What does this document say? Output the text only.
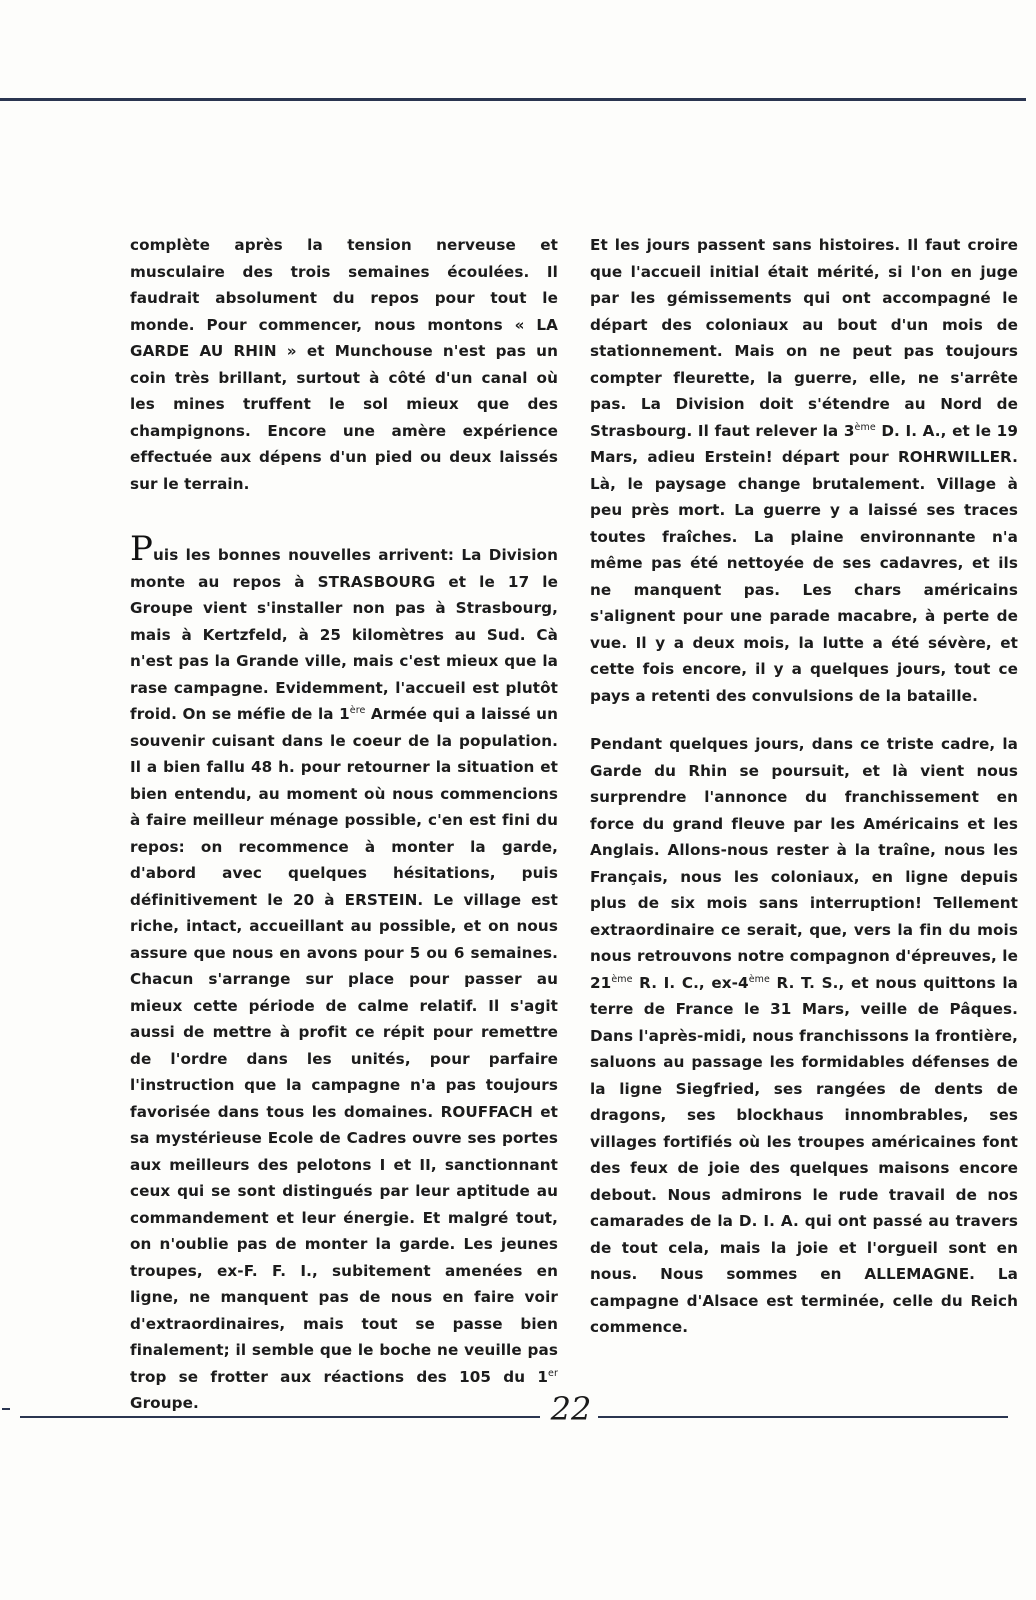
complète après la tension nerveuse et musculaire des trois semaines écoulées. Il faudrait absolument du repos pour tout le monde. Pour commencer, nous montons « LA GARDE AU RHIN » et Munchouse n'est pas un coin très brillant, surtout à côté d'un canal où les mines truffent le sol mieux que des champignons. Encore une amère expérience effectuée aux dépens d'un pied ou deux laissés sur le terrain.

Puis les bonnes nouvelles arrivent: La Division monte au repos à STRASBOURG et le 17 le Groupe vient s'installer non pas à Strasbourg, mais à Kertzfeld, à 25 kilomètres au Sud. Cà n'est pas la Grande ville, mais c'est mieux que la rase campagne. Evidemment, l'accueil est plutôt froid. On se méfie de la 1ère Armée qui a laissé un souvenir cuisant dans le coeur de la population. Il a bien fallu 48 h. pour retourner la situation et bien entendu, au moment où nous commencions à faire meilleur ménage possible, c'en est fini du repos: on recommence à monter la garde, d'abord avec quelques hésitations, puis définitivement le 20 à ERSTEIN. Le village est riche, intact, accueillant au possible, et on nous assure que nous en avons pour 5 ou 6 semaines. Chacun s'arrange sur place pour passer au mieux cette période de calme relatif. Il s'agit aussi de mettre à profit ce répit pour remettre de l'ordre dans les unités, pour parfaire l'instruction que la campagne n'a pas toujours favorisée dans tous les domaines. ROUFFACH et sa mystérieuse Ecole de Cadres ouvre ses portes aux meilleurs des pelotons I et II, sanctionnant ceux qui se sont distingués par leur aptitude au commandement et leur énergie. Et malgré tout, on n'oublie pas de monter la garde. Les jeunes troupes, ex-F. F. I., subitement amenées en ligne, ne manquent pas de nous en faire voir d'extraordinaires, mais tout se passe bien finalement; il semble que le boche ne veuille pas trop se frotter aux réactions des 105 du 1er Groupe.

Et les jours passent sans histoires. Il faut croire que l'accueil initial était mérité, si l'on en juge par les gémissements qui ont accompagné le départ des coloniaux au bout d'un mois de stationnement. Mais on ne peut pas toujours compter fleurette, la guerre, elle, ne s'arrête pas. La Division doit s'étendre au Nord de Strasbourg. Il faut relever la 3ème D. I. A., et le 19 Mars, adieu Erstein! départ pour ROHRWILLER. Là, le paysage change brutalement. Village à peu près mort. La guerre y a laissé ses traces toutes fraîches. La plaine environnante n'a même pas été nettoyée de ses cadavres, et ils ne manquent pas. Les chars américains s'alignent pour une parade macabre, à perte de vue. Il y a deux mois, la lutte a été sévère, et cette fois encore, il y a quelques jours, tout ce pays a retenti des convulsions de la bataille.

Pendant quelques jours, dans ce triste cadre, la Garde du Rhin se poursuit, et là vient nous surprendre l'annonce du franchissement en force du grand fleuve par les Américains et les Anglais. Allons-nous rester à la traîne, nous les Français, nous les coloniaux, en ligne depuis plus de six mois sans interruption! Tellement extraordinaire ce serait, que, vers la fin du mois nous retrouvons notre compagnon d'épreuves, le 21ème R. I. C., ex-4ème R. T. S., et nous quittons la terre de France le 31 Mars, veille de Pâques. Dans l'après-midi, nous franchissons la frontière, saluons au passage les formidables défenses de la ligne Siegfried, ses rangées de dents de dragons, ses blockhaus innombrables, ses villages fortifiés où les troupes américaines font des feux de joie des quelques maisons encore debout. Nous admirons le rude travail de nos camarades de la D. I. A. qui ont passé au travers de tout cela, mais la joie et l'orgueil sont en nous. Nous sommes en ALLEMAGNE. La campagne d'Alsace est terminée, celle du Reich commence.

22
